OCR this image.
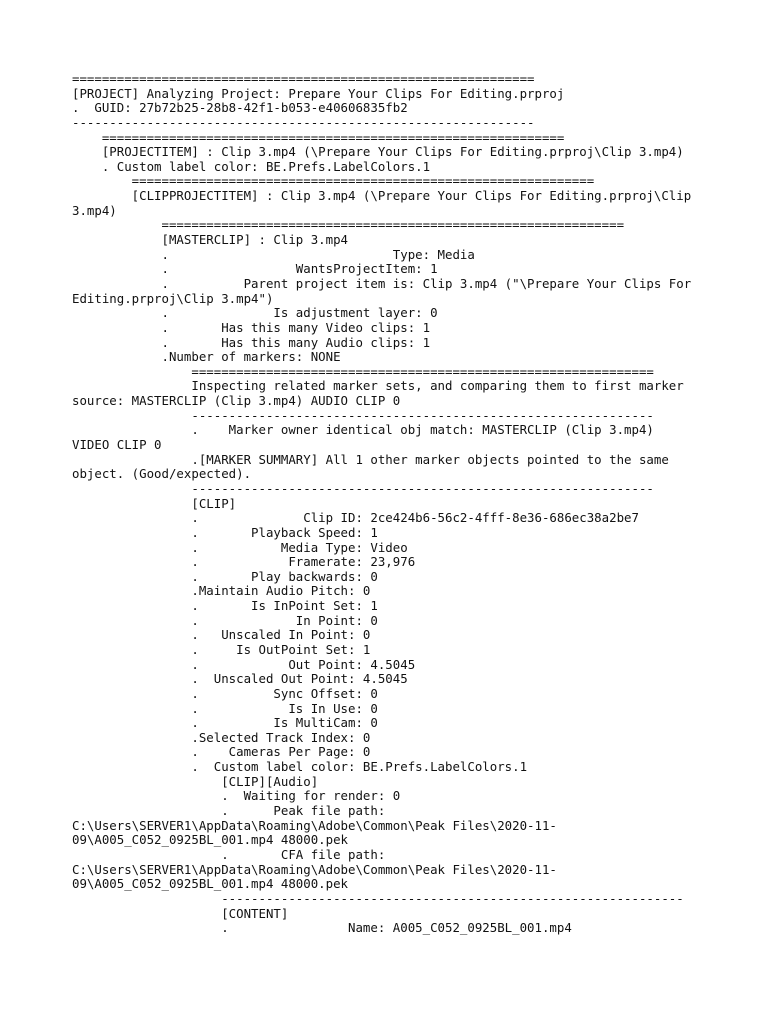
==============================================================
[PROJECT] Analyzing Project: Prepare Your Clips For Editing.prproj
.  GUID: 27b72b25-28b8-42f1-b053-e40606835fb2
--------------------------------------------------------------
==============================================================
[PROJECTITEM] : Clip 3.mp4 (\Prepare Your Clips For Editing.prproj\Clip 3.mp4)
. Custom label color: BE.Prefs.LabelColors.1
==============================================================
[CLIPPROJECTITEM] : Clip 3.mp4 (\Prepare Your Clips For Editing.prproj\Clip
3.mp4)
==============================================================
[MASTERCLIP] : Clip 3.mp4
.                              Type: Media
.                 WantsProjectItem: 1
.          Parent project item is: Clip 3.mp4 ("\Prepare Your Clips For
Editing.prproj\Clip 3.mp4")
.              Is adjustment layer: 0
.       Has this many Video clips: 1
.       Has this many Audio clips: 1
.Number of markers: NONE
==============================================================
Inspecting related marker sets, and comparing them to first marker
source: MASTERCLIP (Clip 3.mp4) AUDIO CLIP 0
--------------------------------------------------------------
.    Marker owner identical obj match: MASTERCLIP (Clip 3.mp4)
VIDEO CLIP 0
.[MARKER SUMMARY] All 1 other marker objects pointed to the same
object. (Good/expected).
--------------------------------------------------------------
[CLIP]
.              Clip ID: 2ce424b6-56c2-4fff-8e36-686ec38a2be7
.       Playback Speed: 1
.           Media Type: Video
.            Framerate: 23,976
.       Play backwards: 0
.Maintain Audio Pitch: 0
.       Is InPoint Set: 1
.             In Point: 0
.   Unscaled In Point: 0
.     Is OutPoint Set: 1
.            Out Point: 4.5045
.  Unscaled Out Point: 4.5045
.          Sync Offset: 0
.            Is In Use: 0
.          Is MultiCam: 0
.Selected Track Index: 0
.    Cameras Per Page: 0
.  Custom label color: BE.Prefs.LabelColors.1
[CLIP][Audio]
.  Waiting for render: 0
.      Peak file path:
C:\Users\SERVER1\AppData\Roaming\Adobe\Common\Peak Files\2020-11-
09\A005_C052_0925BL_001.mp4 48000.pek
.       CFA file path:
C:\Users\SERVER1\AppData\Roaming\Adobe\Common\Peak Files\2020-11-
09\A005_C052_0925BL_001.mp4 48000.pek
--------------------------------------------------------------
[CONTENT]
.                Name: A005_C052_0925BL_001.mp4
